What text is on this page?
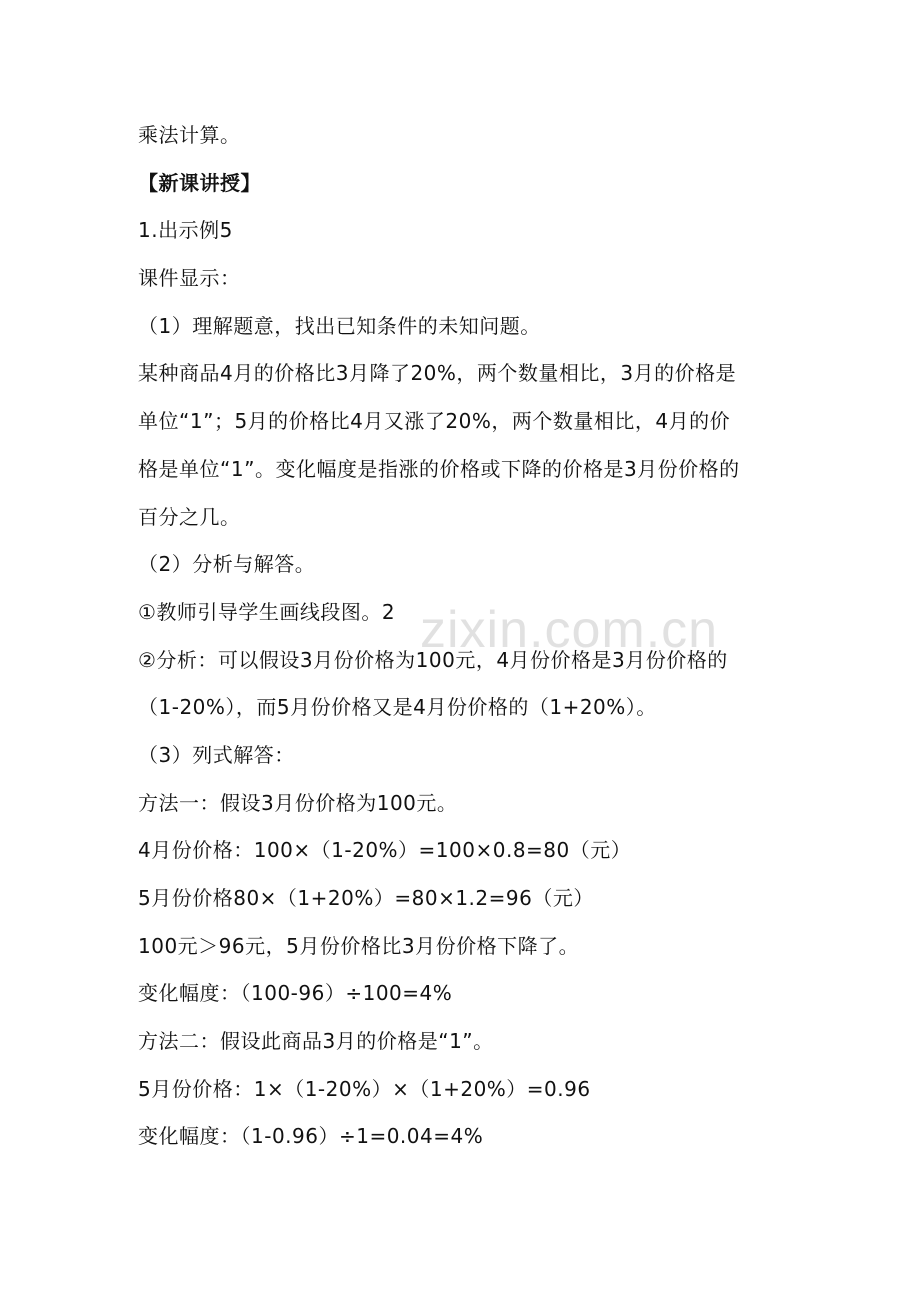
乘法计算。
【新课讲授】
1.出示例5
课件显示：
（1）理解题意，找出已知条件的未知问题。
某种商品4月的价格比3月降了20%，两个数量相比，3月的价格是
单位“1”；5月的价格比4月又涨了20%，两个数量相比，4月的价
格是单位“1”。变化幅度是指涨的价格或下降的价格是3月份价格的
百分之几。
（2）分析与解答。
①教师引导学生画线段图。2
②分析：可以假设3月份价格为100元，4月份价格是3月份价格的
（1-20%），而5月份价格又是4月份价格的（1+20%）。
（3）列式解答：
方法一：假设3月份价格为100元。
4月份价格：100×（1-20%）=100×0.8=80（元）
5月份价格80×（1+20%）=80×1.2=96（元）
100元＞96元，5月份价格比3月份价格下降了。
变化幅度：（100-96）÷100=4%
方法二：假设此商品3月的价格是“1”。
5月份价格：1×（1-20%）×（1+20%）=0.96
变化幅度：（1-0.96）÷1=0.04=4%
zixin.com.cn
